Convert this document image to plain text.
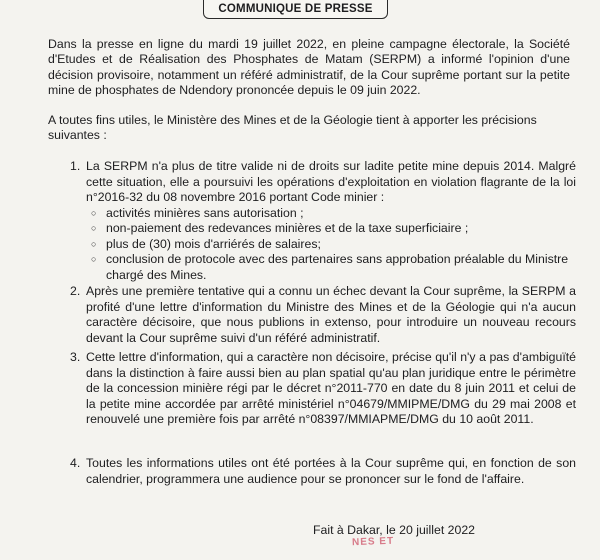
COMMUNIQUE DE PRESSE

Dans la presse en ligne du mardi 19 juillet 2022, en pleine campagne électorale, la Société d'Etudes et de Réalisation des Phosphates de Matam (SERPM) a informé l'opinion d'une décision provisoire, notamment un référé administratif, de la Cour suprême portant sur la petite mine de phosphates de Ndendory prononcée depuis le 09 juin 2022.

A toutes fins utiles, le Ministère des Mines et de la Géologie tient à apporter les précisions suivantes :

1. La SERPM n'a plus de titre valide ni de droits sur ladite petite mine depuis 2014. Malgré cette situation, elle a poursuivi les opérations d'exploitation en violation flagrante de la loi n°2016-32 du 08 novembre 2016 portant Code minier :

○ activités minières sans autorisation ;
○ non-paiement des redevances minières et de la taxe superficiaire ;
○ plus de (30) mois d'arriérés de salaires;
○ conclusion de protocole avec des partenaires sans approbation préalable du Ministre chargé des Mines.
2. Après une première tentative qui a connu un échec devant la Cour suprême, la SERPM a profité d'une lettre d'information du Ministre des Mines et de la Géologie qui n'a aucun caractère décisoire, que nous publions in extenso, pour introduire un nouveau recours devant la Cour suprême suivi d'un référé administratif.

3. Cette lettre d'information, qui a caractère non décisoire, précise qu'il n'y a pas d'ambiguïté dans la distinction à faire aussi bien au plan spatial qu'au plan juridique entre le périmètre de la concession minière régi par le décret n°2011-770 en date du 8 juin 2011 et celui de la petite mine accordée par arrêté ministériel n°04679/MMIPME/DMG du 29 mai 2008 et renouvelé une première fois par arrêté n°08397/MMIAPME/DMG du 10 août 2011.

4. Toutes les informations utiles ont été portées à la Cour suprême qui, en fonction de son calendrier, programmera une audience pour se prononcer sur le fond de l'affaire.

Fait à Dakar, le 20 juillet 2022
NES ET
